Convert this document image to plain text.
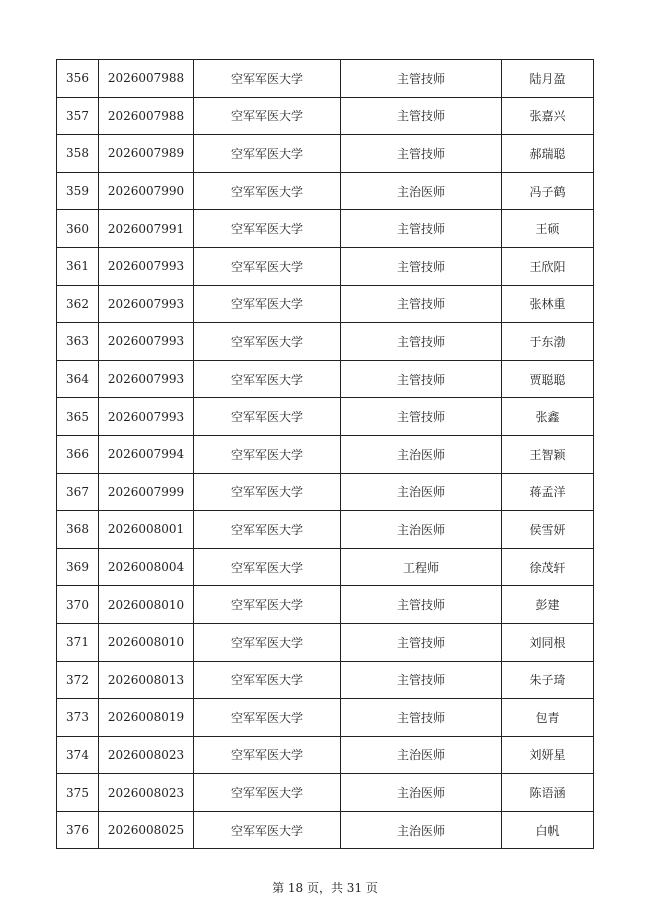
356	2026007988	空军军医大学	主管技师	陆月盈
357	2026007988	空军军医大学	主管技师	张嘉兴
358	2026007989	空军军医大学	主管技师	郝瑞聪
359	2026007990	空军军医大学	主治医师	冯子鹤
360	2026007991	空军军医大学	主管技师	王硕
361	2026007993	空军军医大学	主管技师	王欣阳
362	2026007993	空军军医大学	主管技师	张林重
363	2026007993	空军军医大学	主管技师	于东渤
364	2026007993	空军军医大学	主管技师	贾聪聪
365	2026007993	空军军医大学	主管技师	张鑫
366	2026007994	空军军医大学	主治医师	王智颖
367	2026007999	空军军医大学	主治医师	蒋孟洋
368	2026008001	空军军医大学	主治医师	侯雪妍
369	2026008004	空军军医大学	工程师	徐茂轩
370	2026008010	空军军医大学	主管技师	彭建
371	2026008010	空军军医大学	主管技师	刘同根
372	2026008013	空军军医大学	主管技师	朱子琦
373	2026008019	空军军医大学	主管技师	包青
374	2026008023	空军军医大学	主治医师	刘妍星
375	2026008023	空军军医大学	主治医师	陈语涵
376	2026008025	空军军医大学	主治医师	白帆
第 18 页，共 31 页
